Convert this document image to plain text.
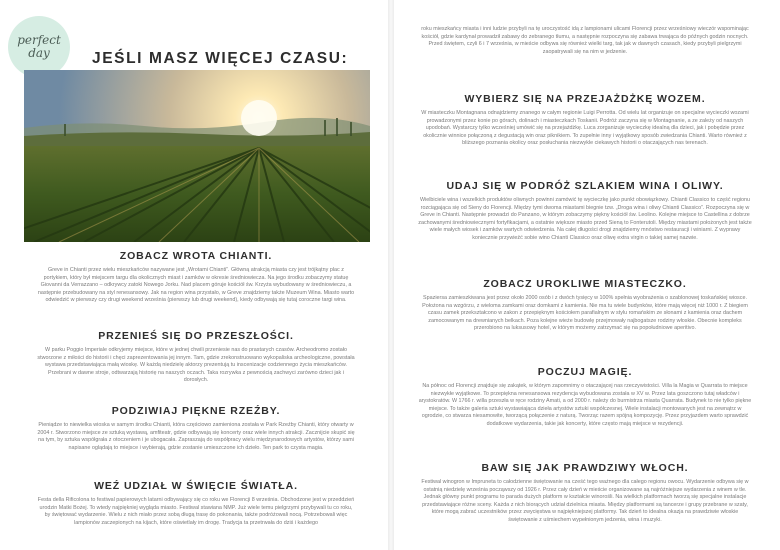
perfect
day	JEŚLI MASZ WIĘCEJ CZASU:
ZOBACZ WROTA CHIANTI.

Greve in Chianti przez wielu mieszkańców nazywane jest „Wrotami Chianti”. Główną atrakcją miasta czy jest trójkątny plac z portykiem, który był miejscem targu dla okolicznych miast i zamków w okresie średniowiecza. Na jego środku zobaczymy statuę Giovanni da Verrazzano – odkrywcy zatoki Nowego Jorku. Nad placem góruje kościół św. Krzyża wybudowany w średniowieczu, a następnie przebudowany na styl renesansowy. Jak na region wina przystało, w Greve znajdziemy także Muzeum Wina. Miasto warto odwiedzić w pierwszy czy drugi weekend września (pierwszy lub drugi weekend), kiedy odbywają się tutaj coroczne targi wina.

PRZENIEŚ SIĘ DO PRZESZŁOŚCI.

W parku Poggio Imperiale odkryjemy miejsce, które w jednej chwili przeniesie nas do prastarych czasów. Archeodromo zostało stworzone z miłości do historii i chęci zaprezentowania jej innym. Tam, gdzie zrekonstruowano wykopaliska archeologiczne, powstała wystawa przedstawiająca małą wioskę. W każdą niedzielę aktorzy prezentują tu inscenizacje codziennego życia mieszkańców. Przebrani w dawne stroje, odtwarzają historię na naszych oczach. Taka rozrywka z pewnością zachwyci zarówno dzieci jak i dorosłych.

PODZIWIAJ PIĘKNE RZEŹBY.

Pieniądze to niewielka wioska w samym środku Chianti, która częściowo zamieniona została w Park Rzeźby Chianti, który otwarty w 2004 r. Stworzono miejsce ze sztuką wystawą, amfiteatr, gdzie odbywają się koncerty oraz wiele innych atrakcji. Zacznijcie skupić się na tym, by sztuka współgrała z otoczeniem i je ubogacała. Zapraszają do współpracy wielu międzynarodowych artystów, którzy sami napisane oglądają to miejsce i wybierają, gdzie zostanie umieszczone ich dzieło. Ten park to czysta magia.

WEŹ UDZIAŁ W ŚWIĘCIE ŚWIATŁA.

Festa della Rificolona to festiwal papierowych latarni odbywający się co roku we Florencji 8 września. Obchodzone jest w przeddzień urodzin Matki Bożej. To wtedy najpiękniej wygląda miasto. Festiwal stawiana NMP. Już wiele temu pielgrzymi przybywali tu co roku, by świętować wydarzenie. Wielu z nich miało przez sobą długą trasę do pokonania, także podróżowali nocą. Potrzebowali więc lampionów zaczepionych na kijach, które oświetlały im drogę. Tradycja ta przetrwała do dziś i każdego

roku mieszkańcy miasta i inni ludzie przybyli na tę uroczystość idą z lampionami ulicami Florencji przez wrześniowy wieczór wspominając kościół, gdzie kardynał prowadził zabawy do zebranego tłumu, a następnie rozpoczyna się zabawa trwająca do późnych godzin nocnych. Przed świętem, czyli 6 i 7 września, w mieście odbywa się również wielki targ, tak jak w dawnych czasach, kiedy przybyli pielgrzymi zaopatrywali się na nim w jedzenie.

WYBIERZ SIĘ NA PRZEJAŻDŻKĘ WOZEM.

W miasteczku Montagnana odnajdziemy znanego w całym regionie Luigi Perrotta. Od wielu lat organizuje on specjalne wycieczki wozami prowadzonymi przez konie po górach, dolinach i miasteczkach Toskanii. Podróż zaczyna się w Montagnanie, a ze zależy od naszych upodobań. Wystarczy tylko wcześniej umówić się na przejażdżkę. Luca zorganizuje wycieczkę idealną dla dzieci, jak i pobędzie przez okolicznie winnice połączoną z degustacją win oraz piknikiem. To zupełnie inny i wyjątkowy sposób zwiedzania Chianti. Warto również z bliższego poznania okolicy oraz posłuchania niezwykle ciekawych historii o otaczających nas terenach.

UDAJ SIĘ W PODRÓŻ SZLAKIEM WINA I OLIWY.

Wielbiciele wina i wszelkich produktów oliwnych powinni zamówić tę wycieczkę jako punkt obowiązkowy. Chianti Classico to część regionu rozciągająca się od Sieny do Florencji. Między tymi dwoma miastami biegnie tzw. „Droga wina i oliwy Chianti Classico”. Rozpoczyna się w Greve in Chianti. Następnie prowadzi do Panzano, w którym zobaczymy piękny kościół św. Leolino. Kolejne miejsce to Castellina z dobrze zachowanymi średniowiecznymi fortyfikacjami, a ostatnie większe miasto przed Sieną to Fonterutoli. Między miastami położonych jest także wiele małych wiosek i zamków wartych odwiedzenia. Na całej długości drogi znajdziemy mnóstwo restauracji i winiarni. Z wyprawy koniecznie przywieźć sobie wino Chianti Classico oraz oliwę extra virgin o takiej samej nazwie.

ZOBACZ UROKLIWE MIASTECZKO.

Spaziersa zamieszkiwana jest przez około 2000 osób i z dwóch tysięcy w 100% spełnia wyobrażenia o szablonowej toskańskiej wiosce. Położona na wzgórzu, z wieloma zamkami oraz domkami z kamienia. Nie ma tu wiele budynków, które mają więcej niż 1000 r. Z biegiem czasu zamek przekształcono w zakon z przepięknym kościołem parafialnym w stylu romańskim ze słonami z kamienia oraz dachem zamocowanym na drewnianych belkach. Poza kolejne wieże budowlę przejmowały najbogatsze rodziny włoskie. Obecnie kompleks przerobiono na luksusowy hotel, w którym możemy zatrzymać się na popołudniowe aperitivo.

POCZUJ MAGIĘ.

Na północ od Florencji znajduje się zakątek, w którym zapomnimy o otaczającej nas rzeczywistości. Villa la Magia w Quarrata to miejsce niezwykłe wyjątkowe. To przepiękna renesansowa rezydencja wybudowana została w XV w. Przez lata goszczono tutaj władców i arystokratów. W 1766 r. willa przeszła w ręce rodziny Amati, a od 2000 r. należy do burmistrza miasta Quarrata. Budynek to nie tylko piękne miejsce. To także galeria sztuki wystawiająca dzieła artystów sztuki współczesnej. Wiele instalacji montowanych jest na zewnątrz w ogrodzie, co stwarza niesamowite, tworzącą połączenie z naturą. Tworząc razem spójną kompozycję. Przez przyjazdem warto sprawdzić dodatkowe wydarzenia, takie jak koncerty, które często mają miejsce w rezydencji.

BAW SIĘ JAK PRAWDZIWY WŁOCH.

Festiwal winogron w Impruneta to całodzienne świętowanie na cześć tego ważnego dla całego regionu owocu. Wydarzenie odbywa się w ostatnią niedzielę września począwszy od 1926 r. Przez cały dzień w mieście organizowane są najróżniejsze wydarzenia z winem w tle. Jednak główny punkt programu to parada dużych platform w kształcie winorośli. Na wielkich platformach tworzą się specjalne instalacje przedstawiające różne sceny. Każda z nich biorących udział dzielnica miasta. Między platformami są tancerze i grupy przebrane w szaty, które mogą zabrać uczestników przez zwycięstwa w najpiękniejszej platformy. Tak dzień to idealna okazja na prawdziwie włoskie świętowanie z uśmiechem wypełnionym jedzenia, wina i muzyki.
